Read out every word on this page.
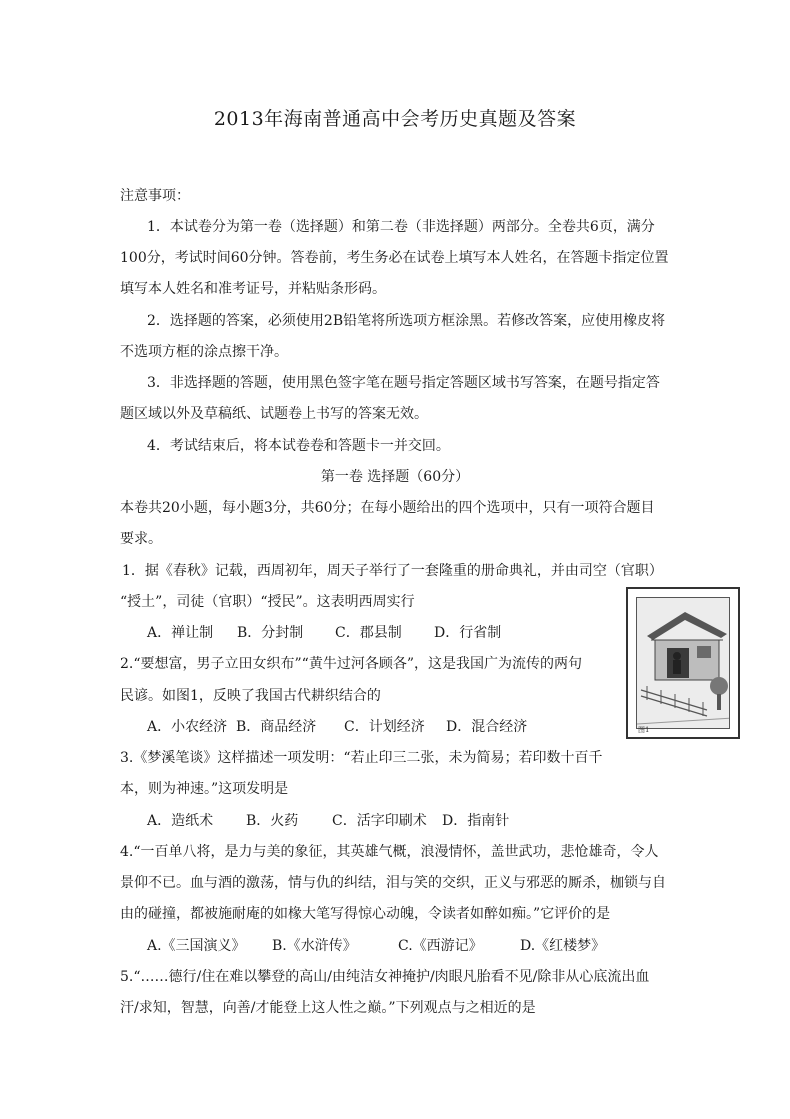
2013年海南普通高中会考历史真题及答案
注意事项：
1．本试卷分为第一卷（选择题）和第二卷（非选择题）两部分。全卷共6页，满分
100分，考试时间60分钟。答卷前，考生务必在试卷上填写本人姓名，在答题卡指定位置
填写本人姓名和准考证号，并粘贴条形码。
2．选择题的答案，必须使用2B铅笔将所选项方框涂黑。若修改答案，应使用橡皮将
不选项方框的涂点擦干净。
3．非选择题的答题，使用黑色签字笔在题号指定答题区域书写答案，在题号指定答
题区域以外及草稿纸、试题卷上书写的答案无效。
4．考试结束后，将本试卷卷和答题卡一并交回。
第一卷 选择题（60分）
本卷共20小题，每小题3分，共60分；在每小题给出的四个选项中，只有一项符合题目
要求。
1．据《春秋》记载，西周初年，周天子举行了一套隆重的册命典礼，并由司空（官职）
“授土”，司徒（官职）“授民”。这表明西周实行
A．禅让制 B．分封制 C．郡县制 D．行省制
2.“要想富，男子立田女织布”“黄牛过河各顾各”，这是我国广为流传的两句
民谚。如图1，反映了我国古代耕织结合的
A．小农经济 B．商品经济 C．计划经济 D．混合经济
3.《梦溪笔谈》这样描述一项发明：“若止印三二张，未为简易；若印数十百千
本，则为神速。”这项发明是
A．造纸术 B．火药 C．活字印刷术 D．指南针
4.“一百单八将，是力与美的象征，其英雄气概，浪漫情怀，盖世武功，悲怆雄奇，令人
景仰不已。血与酒的激荡，情与仇的纠结，泪与笑的交织，正义与邪恶的厮杀，枷锁与自
由的碰撞，都被施耐庵的如椽大笔写得惊心动魄，令读者如醉如痴。”它评价的是
A.《三国演义》 B.《水浒传》	C.《西游记》	D.《红楼梦》
5.“……德行/住在难以攀登的高山/由纯洁女神掩护/肉眼凡胎看不见/除非从心底流出血
汗/求知，智慧，向善/才能登上这人性之巅。”下列观点与之相近的是
图1
